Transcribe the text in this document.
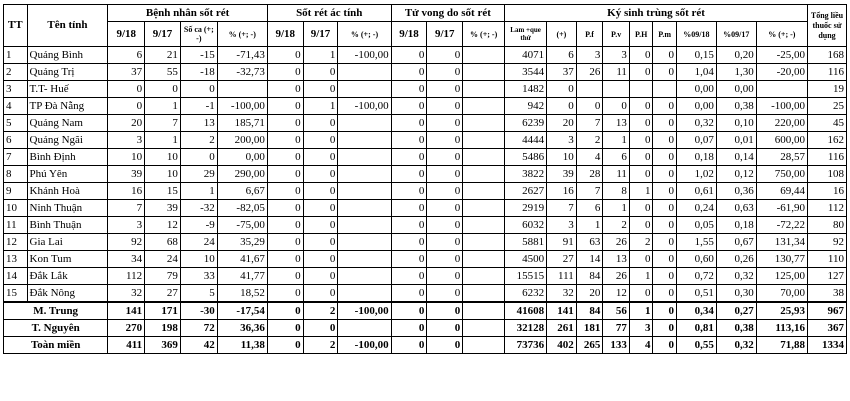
TT	Tên tỉnh	Bệnh nhân sốt rét				Sốt rét ác tính			Tử vong do sốt rét			Ký sinh trùng sốt rét									Tổng liều thuốc sử dụng
		9/18	9/17	Số ca (+; -)	% (+; -)	9/18	9/17	% (+; -)	9/18	9/17	% (+; -)	Lam +que thử	(+)	P.f	P.v	P.H	P.m	%09/18	%09/17	% (+; -)	
1	Quảng Bình	6	21	-15	-71,43	0	1	-100,00	0	0		4071	6	3	3	0	0	0,15	0,20	-25,00	168
2	Quảng Trị	37	55	-18	-32,73	0	0		0	0		3544	37	26	11	0	0	1,04	1,30	-20,00	116
3	T.T- Huế	0	0	0		0	0		0	0		1482	0					0,00	0,00		19
4	TP Đà Nẵng	0	1	-1	-100,00	0	1	-100,00	0	0		942	0	0	0	0	0	0,00	0,38	-100,00	25
5	Quảng Nam	20	7	13	185,71	0	0		0	0		6239	20	7	13	0	0	0,32	0,10	220,00	45
6	Quảng Ngãi	3	1	2	200,00	0	0		0	0		4444	3	2	1	0	0	0,07	0,01	600,00	162
7	Bình Định	10	10	0	0,00	0	0		0	0		5486	10	4	6	0	0	0,18	0,14	28,57	116
8	Phú Yên	39	10	29	290,00	0	0		0	0		3822	39	28	11	0	0	1,02	0,12	750,00	108
9	Khánh Hoà	16	15	1	6,67	0	0		0	0		2627	16	7	8	1	0	0,61	0,36	69,44	16
10	Ninh Thuận	7	39	-32	-82,05	0	0		0	0		2919	7	6	1	0	0	0,24	0,63	-61,90	112
11	Bình Thuận	3	12	-9	-75,00	0	0		0	0		6032	3	1	2	0	0	0,05	0,18	-72,22	80
12	Gia Lai	92	68	24	35,29	0	0		0	0		5881	91	63	26	2	0	1,55	0,67	131,34	92
13	Kon Tum	34	24	10	41,67	0	0		0	0		4500	27	14	13	0	0	0,60	0,26	130,77	110
14	Đắk Lắk	112	79	33	41,77	0	0		0	0		15515	111	84	26	1	0	0,72	0,32	125,00	127
15	Đắk Nông	32	27	5	18,52	0	0		0	0		6232	32	20	12	0	0	0,51	0,30	70,00	38
M. Trung		141	171	-30	-17,54	0	2	-100,00	0	0		41608	141	84	56	1	0	0,34	0,27	25,93	967
T. Nguyên		270	198	72	36,36	0	0		0	0		32128	261	181	77	3	0	0,81	0,38	113,16	367
Toàn miền		411	369	42	11,38	0	2	-100,00	0	0		73736	402	265	133	4	0	0,55	0,32	71,88	1334
